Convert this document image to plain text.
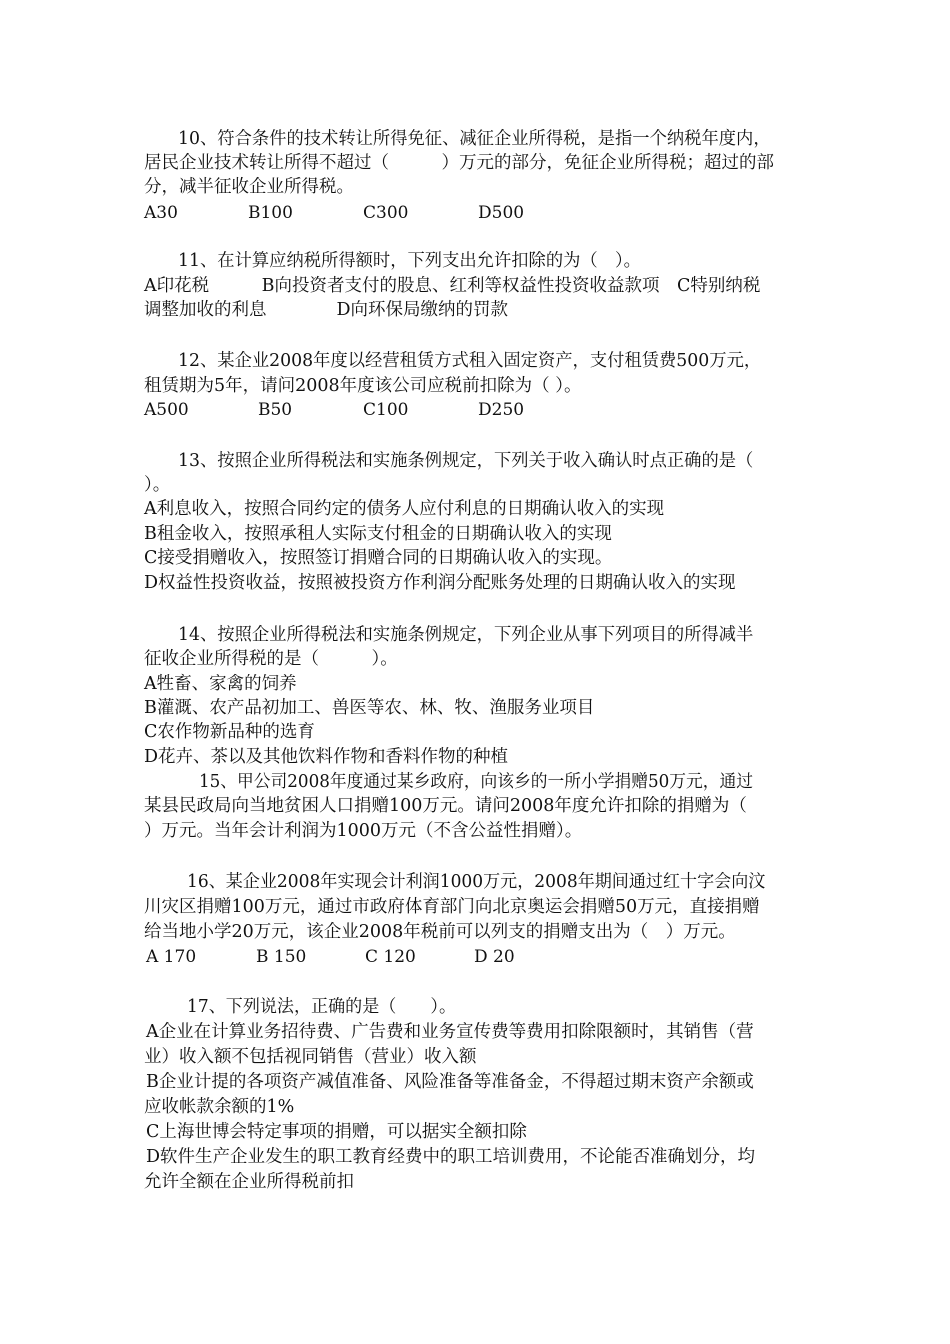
10、符合条件的技术转让所得免征、减征企业所得税，是指一个纳税年度内，
居民企业技术转让所得不超过（　　　）万元的部分，免征企业所得税；超过的部
分，减半征收企业所得税。
A30	B100	C300	D500
11、在计算应纳税所得额时，下列支出允许扣除的为（　）。
A印花税　　　B向投资者支付的股息、红利等权益性投资收益款项　C特别纳税
调整加收的利息　　　　D向环保局缴纳的罚款
12、某企业2008年度以经营租赁方式租入固定资产，支付租赁费500万元，
租赁期为5年，请问2008年度该公司应税前扣除为（ ）。
A500	B50	C100	D250
13、按照企业所得税法和实施条例规定，下列关于收入确认时点正确的是（
）。
A利息收入，按照合同约定的债务人应付利息的日期确认收入的实现
B租金收入，按照承租人实际支付租金的日期确认收入的实现
C接受捐赠收入，按照签订捐赠合同的日期确认收入的实现。
D权益性投资收益，按照被投资方作利润分配账务处理的日期确认收入的实现
14、按照企业所得税法和实施条例规定，下列企业从事下列项目的所得减半
征收企业所得税的是（　　　）。
A牲畜、家禽的饲养
B灌溉、农产品初加工、兽医等农、林、牧、渔服务业项目
C农作物新品种的选育
D花卉、茶以及其他饮料作物和香料作物的种植
15、甲公司2008年度通过某乡政府，向该乡的一所小学捐赠50万元，通过
某县民政局向当地贫困人口捐赠100万元。请问2008年度允许扣除的捐赠为（
）万元。当年会计利润为1000万元（不含公益性捐赠）。
16、某企业2008年实现会计利润1000万元，2008年期间通过红十字会向汶
川灾区捐赠100万元，通过市政府体育部门向北京奥运会捐赠50万元，直接捐赠
给当地小学20万元，该企业2008年税前可以列支的捐赠支出为（　）万元。
A 170	B 150	C 120	D 20
17、下列说法，正确的是（　　）。
A企业在计算业务招待费、广告费和业务宣传费等费用扣除限额时，其销售（营
业）收入额不包括视同销售（营业）收入额
B企业计提的各项资产减值准备、风险准备等准备金，不得超过期末资产余额或
应收帐款余额的1%
C上海世博会特定事项的捐赠，可以据实全额扣除
D软件生产企业发生的职工教育经费中的职工培训费用，不论能否准确划分，均
允许全额在企业所得税前扣
